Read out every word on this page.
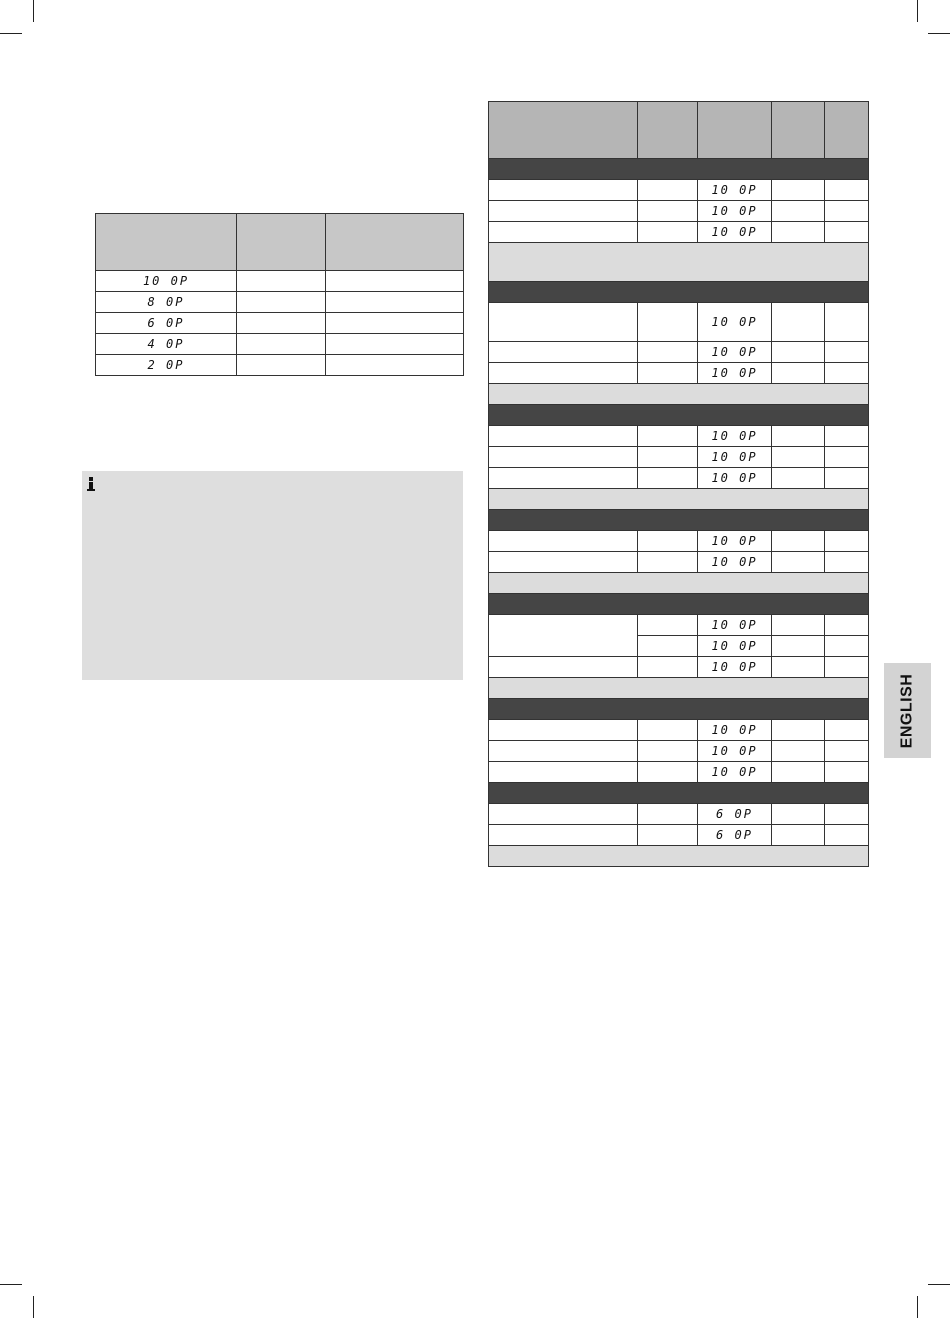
10 0P		
8 0P		
6 0P		
4 0P		
2 0P		

		10 0P		
		10 0P		
		10 0P		

		10 0P		
		10 0P		
		10 0P		

		10 0P		
		10 0P		
		10 0P		

		10 0P		
		10 0P		

		10 0P		
		10 0P		
		10 0P		

		10 0P		
		10 0P		
		10 0P		

		6 0P		
		6 0P		

ENGLISH
